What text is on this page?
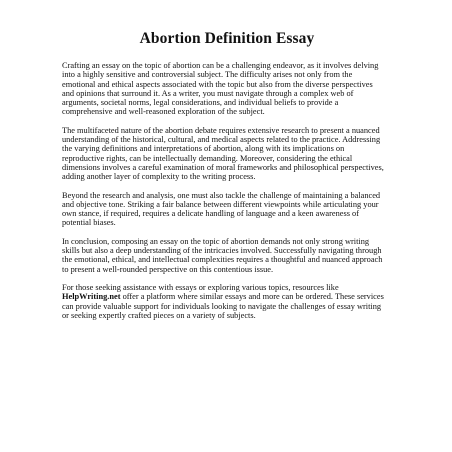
Abortion Definition Essay
Crafting an essay on the topic of abortion can be a challenging endeavor, as it involves delving
into a highly sensitive and controversial subject. The difficulty arises not only from the
emotional and ethical aspects associated with the topic but also from the diverse perspectives
and opinions that surround it. As a writer, you must navigate through a complex web of
arguments, societal norms, legal considerations, and individual beliefs to provide a
comprehensive and well-reasoned exploration of the subject.
The multifaceted nature of the abortion debate requires extensive research to present a nuanced
understanding of the historical, cultural, and medical aspects related to the practice. Addressing
the varying definitions and interpretations of abortion, along with its implications on
reproductive rights, can be intellectually demanding. Moreover, considering the ethical
dimensions involves a careful examination of moral frameworks and philosophical perspectives,
adding another layer of complexity to the writing process.
Beyond the research and analysis, one must also tackle the challenge of maintaining a balanced
and objective tone. Striking a fair balance between different viewpoints while articulating your
own stance, if required, requires a delicate handling of language and a keen awareness of
potential biases.
In conclusion, composing an essay on the topic of abortion demands not only strong writing
skills but also a deep understanding of the intricacies involved. Successfully navigating through
the emotional, ethical, and intellectual complexities requires a thoughtful and nuanced approach
to present a well-rounded perspective on this contentious issue.
For those seeking assistance with essays or exploring various topics, resources like
HelpWriting.net offer a platform where similar essays and more can be ordered. These services
can provide valuable support for individuals looking to navigate the challenges of essay writing
or seeking expertly crafted pieces on a variety of subjects.
